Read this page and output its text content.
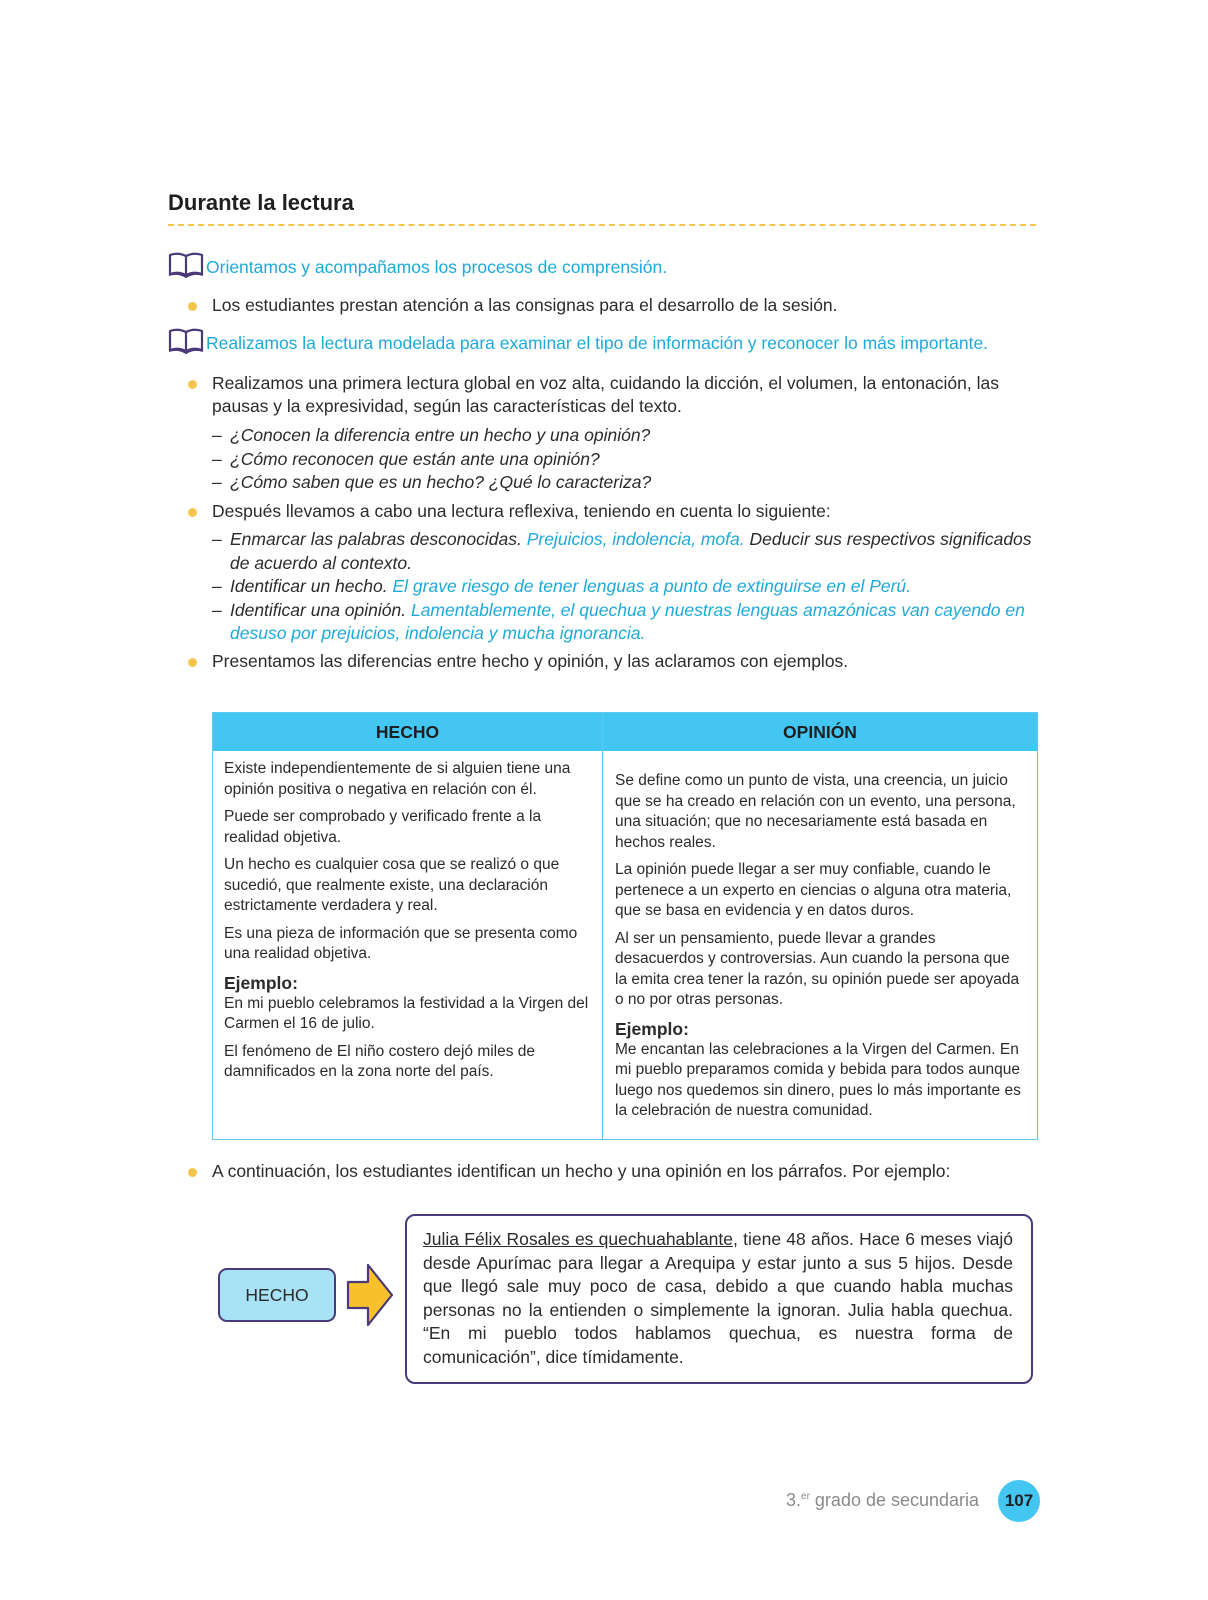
Durante la lectura
Orientamos y acompañamos los procesos de comprensión.
Los estudiantes prestan atención a las consignas para el desarrollo de la sesión.
Realizamos la lectura modelada para examinar el tipo de información y reconocer lo más importante.
Realizamos una primera lectura global en voz alta, cuidando la dicción, el volumen, la entonación, las pausas y la expresividad, según las características del texto.
– ¿Conocen la diferencia entre un hecho y una opinión?
– ¿Cómo reconocen que están ante una opinión?
– ¿Cómo saben que es un hecho? ¿Qué lo caracteriza?
Después llevamos a cabo una lectura reflexiva, teniendo en cuenta lo siguiente:
– Enmarcar las palabras desconocidas. Prejuicios, indolencia, mofa. Deducir sus respectivos significados de acuerdo al contexto.
– Identificar un hecho. El grave riesgo de tener lenguas a punto de extinguirse en el Perú.
– Identificar una opinión. Lamentablemente, el quechua y nuestras lenguas amazónicas van cayendo en desuso por prejuicios, indolencia y mucha ignorancia.
Presentamos las diferencias entre hecho y opinión, y las aclaramos con ejemplos.
HECHO	OPINIÓN

Existe independientemente de si alguien tiene una opinión positiva o negativa en relación con él.

Puede ser comprobado y verificado frente a la realidad objetiva.

Un hecho es cualquier cosa que se realizó o que sucedió, que realmente existe, una declaración estrictamente verdadera y real.

Es una pieza de información que se presenta como una realidad objetiva.

Ejemplo:

En mi pueblo celebramos la festividad a la Virgen del Carmen el 16 de julio.

El fenómeno de El niño costero dejó miles de damnificados en la zona norte del país.

Se define como un punto de vista, una creencia, un juicio que se ha creado en relación con un evento, una persona, una situación; que no necesariamente está basada en hechos reales.

La opinión puede llegar a ser muy confiable, cuando le pertenece a un experto en ciencias o alguna otra materia, que se basa en evidencia y en datos duros.

Al ser un pensamiento, puede llevar a grandes desacuerdos y controversias. Aun cuando la persona que la emita crea tener la razón, su opinión puede ser apoyada o no por otras personas.

Ejemplo:

Me encantan las celebraciones a la Virgen del Carmen. En mi pueblo preparamos comida y bebida para todos aunque luego nos quedemos sin dinero, pues lo más importante es la celebración de nuestra comunidad.

A continuación, los estudiantes identifican un hecho y una opinión en los párrafos. Por ejemplo:
HECHO
Julia Félix Rosales es quechuahablante, tiene 48 años. Hace 6 meses viajó desde Apurímac para llegar a Arequipa y estar junto a sus 5 hijos. Desde que llegó sale muy poco de casa, debido a que cuando habla muchas personas no la entienden o simplemente la ignoran. Julia habla quechua. “En mi pueblo todos hablamos quechua, es nuestra forma de comunicación”, dice tímidamente.
3.$^{er}$ grado de secundaria	107
